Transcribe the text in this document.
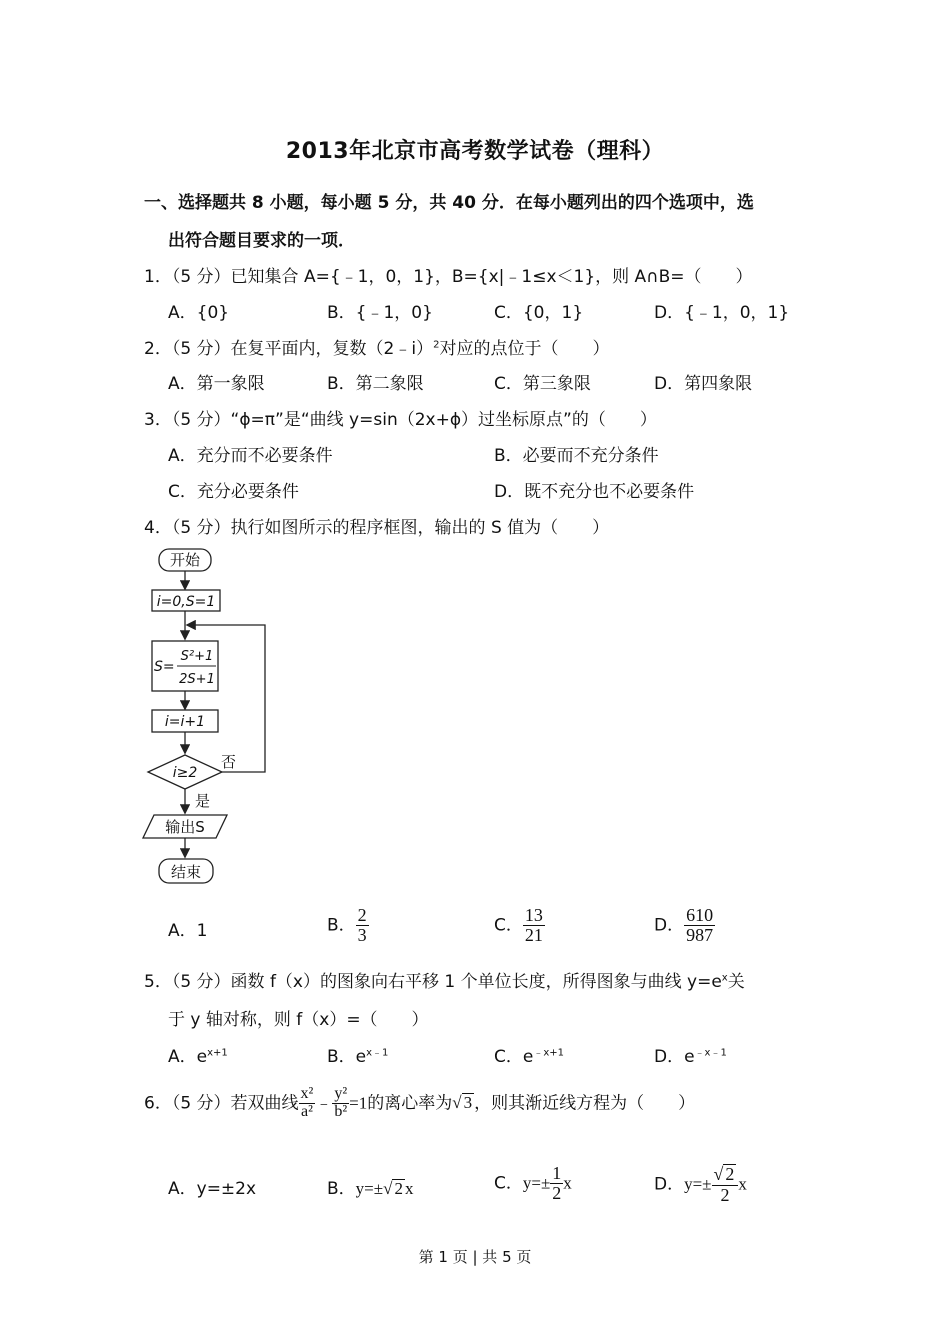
2013年北京市高考数学试卷（理科）
一、选择题共 8 小题，每小题 5 分，共 40 分．在每小题列出的四个选项中，选
出符合题目要求的一项．
1．（5 分）已知集合 A={﹣1，0，1}，B={x|﹣1≤x＜1}，则 A∩B=（　　）
A．{0}	B．{﹣1，0}	C．{0，1}	D．{﹣1，0，1}
2．（5 分）在复平面内，复数（2﹣i）$^2$对应的点位于（　　）
A．第一象限	B．第二象限	C．第三象限	D．第四象限
3．（5 分）“ϕ=π”是“曲线 y=sin（2x+ϕ）过坐标原点”的（　　）
A．充分而不必要条件	B．必要而不充分条件
C．充分必要条件	D．既不充分也不必要条件
4．（5 分）执行如图所示的程序框图，输出的 S 值为（　　）
开始
i=0,S=1
S=
S²+1
2S+1
i=i+1
i≥2
否
是
输出S
结束
A．1	B． $\frac{2}{3}$	C． $\frac{13}{21}$	D． $\frac{610}{987}$
5．（5 分）函数 f（x）的图象向右平移 1 个单位长度，所得图象与曲线 $y=e^x$关
于 y 轴对称，则 f（x）=（　　）
A．$e^{x+1}$	B．$e^{x﹣1}$	C．$e^{﹣x+1}$	D．$e^{﹣x﹣1}$
6．（5 分）若双曲线 $\frac{\text{x²}}{\text{a²}}$ ﹣ $\frac{\text{y²}}{\text{b²}} =1$的离心率为√ 3 ，则其渐近线方程为（　　）
A．y=±2x	B．y=±√ 2 x	C．$y=\pm \frac{1}{2}$ x	D．$y=\pm \frac{√ 2}{2}$ x
第 1 页 | 共 5 页
